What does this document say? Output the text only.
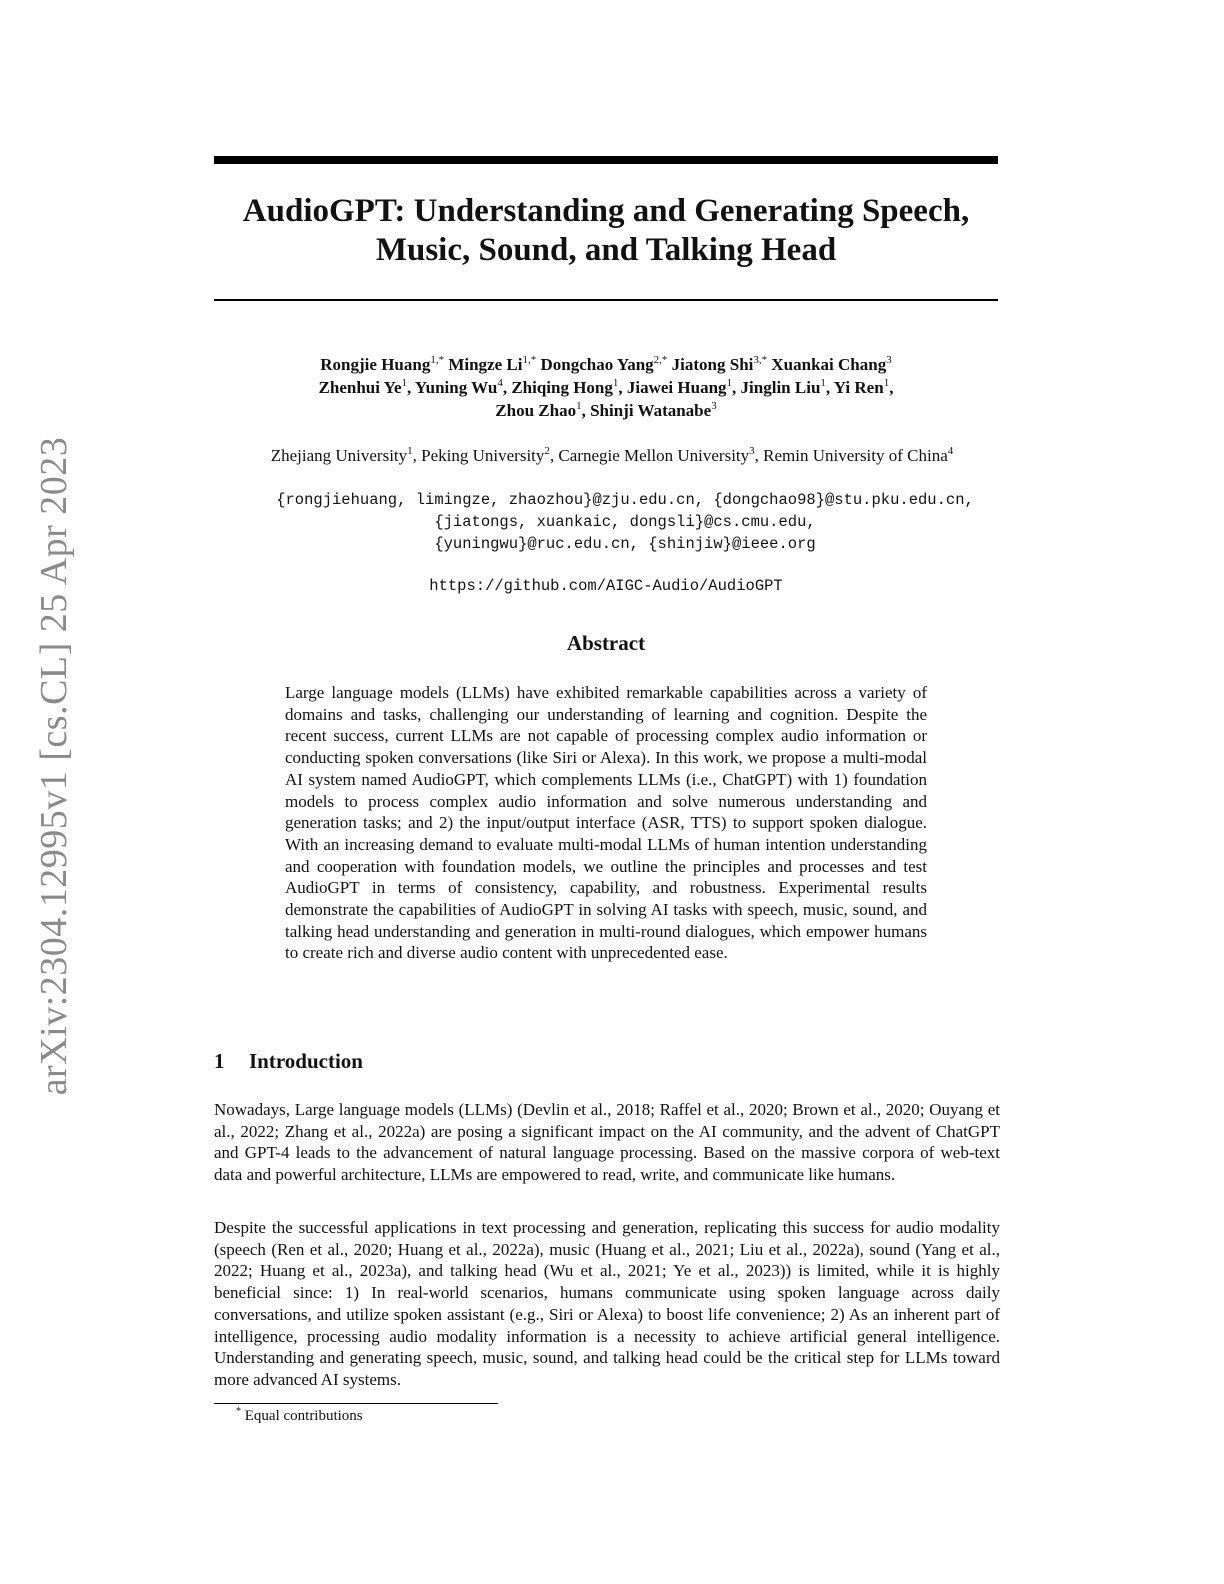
arXiv:2304.12995v1 [cs.CL] 25 Apr 2023
AudioGPT: Understanding and Generating Speech,
Music, Sound, and Talking Head
Rongjie Huang$^{1,*}$ Mingze $Li^{1,*}$ Dongchao Yang$^{2,*}$ Jiatong Shi$^{3,*}$ Xuankai Chang$^3$
Zhenhui Ye$^1$, Yuning Wu$^4$, Zhiqing Hong$^1$, Jiawei Huang$^1$, Jinglin Liu$^1$, Yi Ren$^1$,
Zhou Zhao$^1$, Shinji Watanabe$^3$

Zhejiang University$^1$, Peking University$^2$, Carnegie Mellon University$^3$, Remin University of China$^4$

{rongjiehuang, limingze, zhaozhou}@zju.edu.cn, {dongchao98}@stu.pku.edu.cn,
{jiatongs, xuankaic, dongsli}@cs.cmu.edu,
{yuningwu}@ruc.edu.cn, {shinjiw}@ieee.org

https://github.com/AIGC-Audio/AudioGPT

Abstract

Large language models (LLMs) have exhibited remarkable capabilities across a variety of domains and tasks, challenging our understanding of learning and cognition. Despite the recent success, current LLMs are not capable of processing complex audio information or conducting spoken conversations (like Siri or Alexa). In this work, we propose a multi-modal AI system named AudioGPT, which complements LLMs (i.e., ChatGPT) with 1) foundation models to process complex audio information and solve numerous understanding and generation tasks; and 2) the input/output interface (ASR, TTS) to support spoken dialogue. With an increasing demand to evaluate multi-modal LLMs of human intention understanding and cooperation with foundation models, we outline the principles and processes and test AudioGPT in terms of consistency, capability, and robustness. Experimental results demonstrate the capabilities of AudioGPT in solving AI tasks with speech, music, sound, and talking head understanding and generation in multi-round dialogues, which empower humans to create rich and diverse audio content with unprecedented ease.

1 Introduction

Nowadays, Large language models (LLMs) (Devlin et al., 2018; Raffel et al., 2020; Brown et al., 2020; Ouyang et al., 2022; Zhang et al., 2022a) are posing a significant impact on the AI community, and the advent of ChatGPT and GPT-4 leads to the advancement of natural language processing. Based on the massive corpora of web-text data and powerful architecture, LLMs are empowered to read, write, and communicate like humans.

Despite the successful applications in text processing and generation, replicating this success for audio modality (speech (Ren et al., 2020; Huang et al., 2022a), music (Huang et al., 2021; Liu et al., 2022a), sound (Yang et al., 2022; Huang et al., 2023a), and talking head (Wu et al., 2021; Ye et al., 2023)) is limited, while it is highly beneficial since: 1) In real-world scenarios, humans communicate using spoken language across daily conversations, and utilize spoken assistant (e.g., Siri or Alexa) to boost life convenience; 2) As an inherent part of intelligence, processing audio modality information is a necessity to achieve artificial general intelligence. Understanding and generating speech, music, sound, and talking head could be the critical step for LLMs toward more advanced AI systems.

* Equal contributions
